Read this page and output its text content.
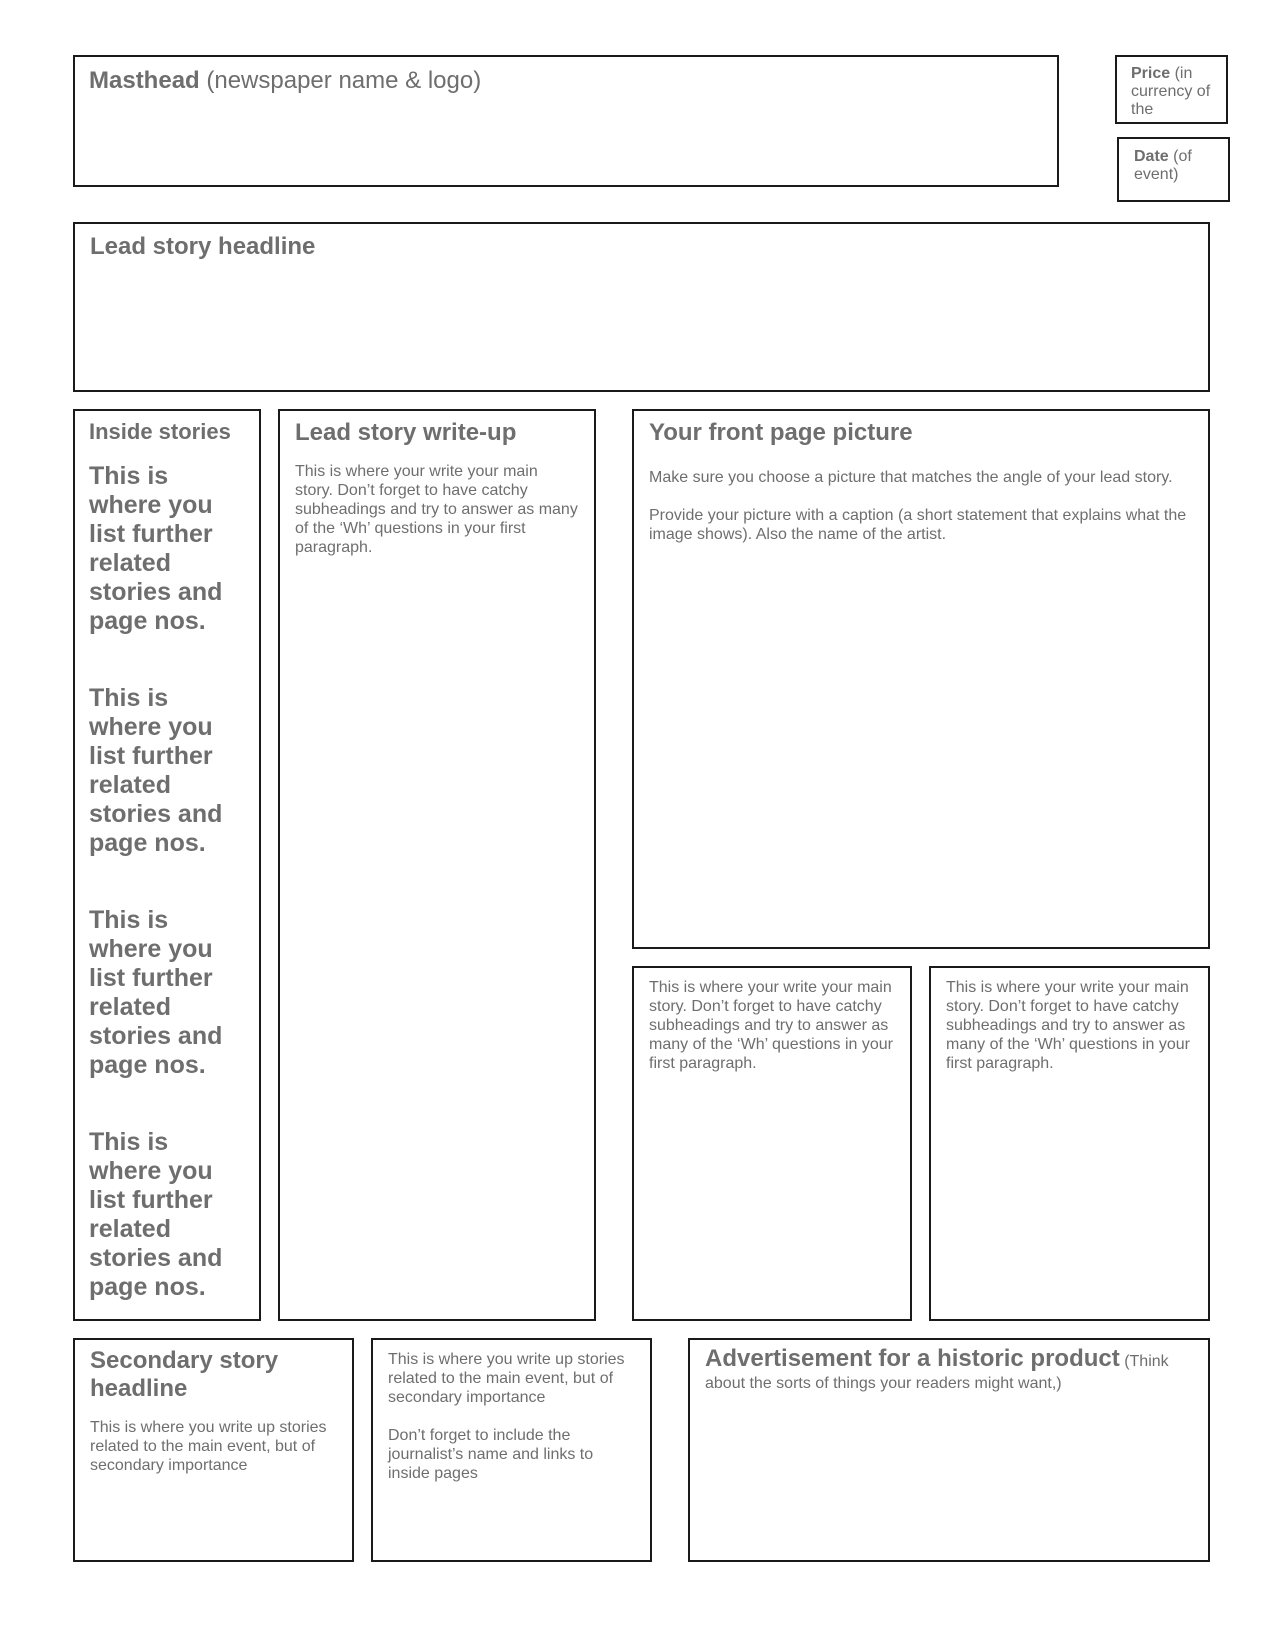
Masthead (newspaper name & logo)	Price (in currency of the
Date (of event)
Lead story headline
Inside stories

This is where you list further related stories and page nos.

This is where you list further related stories and page nos.

This is where you list further related stories and page nos.

This is where you list further related stories and page nos.

Lead story write-up

This is where your write your main story. Don’t forget to have catchy subheadings and try to answer as many of the ‘Wh’ questions in your first paragraph.

Your front page picture

Make sure you choose a picture that matches the angle of your lead story.

Provide your picture with a caption (a short statement that explains what the image shows). Also the name of the artist.

This is where your write your main story. Don’t forget to have catchy subheadings and try to answer as many of the ‘Wh’ questions in your first paragraph.

This is where your write your main story. Don’t forget to have catchy subheadings and try to answer as many of the ‘Wh’ questions in your first paragraph.

Secondary story headline

This is where you write up stories related to the main event, but of secondary importance

This is where you write up stories related to the main event, but of secondary importance

Don’t forget to include the journalist’s name and links to inside pages

Advertisement for a historic product (Think about the sorts of things your readers might want,)
